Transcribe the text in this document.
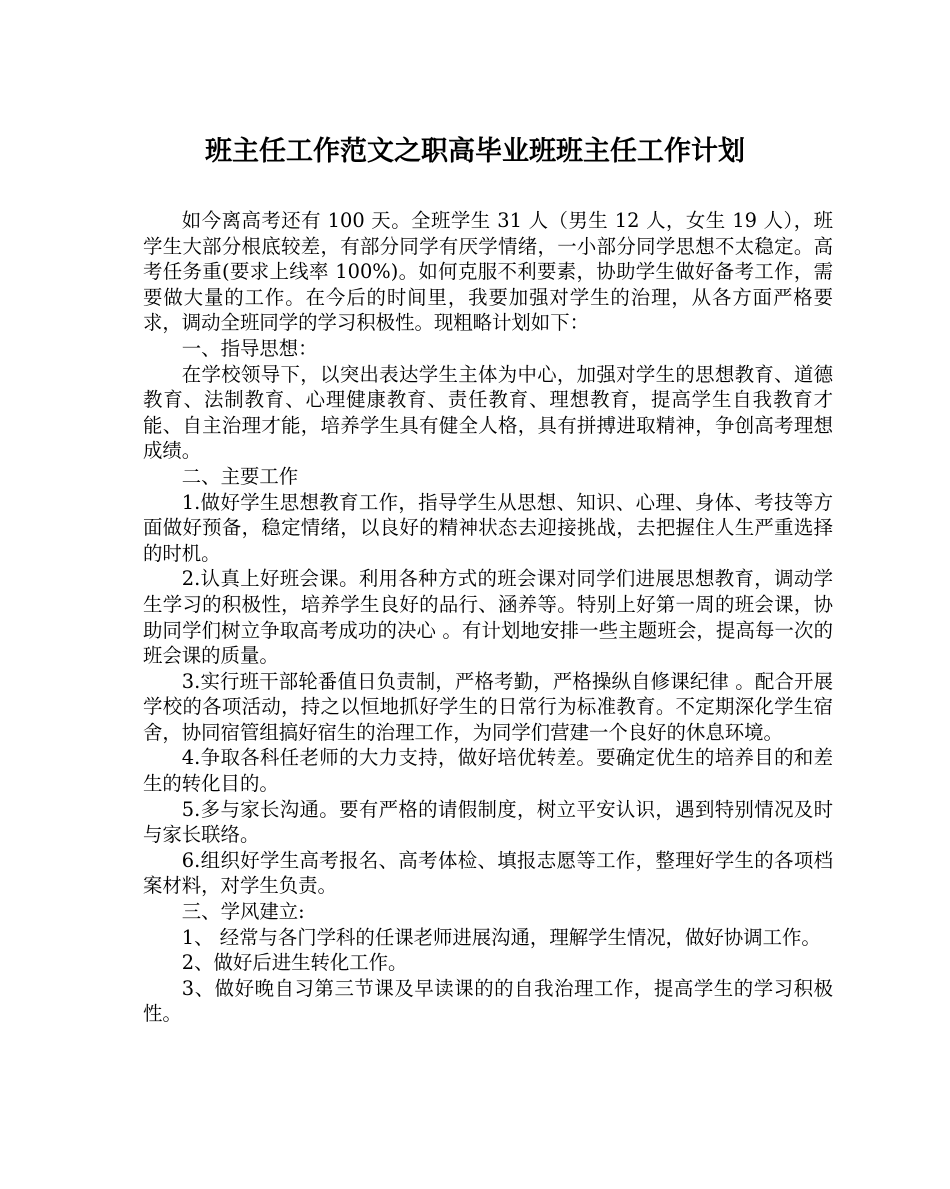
班主任工作范文之职高毕业班班主任工作计划

如今离高考还有 100 天。全班学生 31 人（男生 12 人，女生 19 人），班学生大部分根底较差，有部分同学有厌学情绪，一小部分同学思想不太稳定。高考任务重(要求上线率 100%)。如何克服不利要素，协助学生做好备考工作，需要做大量的工作。在今后的时间里，我要加强对学生的治理，从各方面严格要求，调动全班同学的学习积极性。现粗略计划如下：

一、指导思想：

在学校领导下，以突出表达学生主体为中心，加强对学生的思想教育、道德教育、法制教育、心理健康教育、责任教育、理想教育，提高学生自我教育才能、自主治理才能，培养学生具有健全人格，具有拼搏进取精神，争创高考理想成绩。

二、主要工作

1.做好学生思想教育工作，指导学生从思想、知识、心理、身体、考技等方面做好预备，稳定情绪，以良好的精神状态去迎接挑战，去把握住人生严重选择的时机。

2.认真上好班会课。利用各种方式的班会课对同学们进展思想教育，调动学生学习的积极性，培养学生良好的品行、涵养等。特别上好第一周的班会课，协助同学们树立争取高考成功的决心 。有计划地安排一些主题班会，提高每一次的班会课的质量。

3.实行班干部轮番值日负责制，严格考勤，严格操纵自修课纪律 。配合开展学校的各项活动，持之以恒地抓好学生的日常行为标准教育。不定期深化学生宿舍，协同宿管组搞好宿生的治理工作，为同学们营建一个良好的休息环境。

4.争取各科任老师的大力支持，做好培优转差。要确定优生的培养目的和差生的转化目的。

5.多与家长沟通。要有严格的请假制度，树立平安认识，遇到特别情况及时与家长联络。

6.组织好学生高考报名、高考体检、填报志愿等工作，整理好学生的各项档案材料，对学生负责。

三、学风建立:

1、 经常与各门学科的任课老师进展沟通，理解学生情况，做好协调工作。

2、做好后进生转化工作。

3、做好晚自习第三节课及早读课的的自我治理工作，提高学生的学习积极性。
